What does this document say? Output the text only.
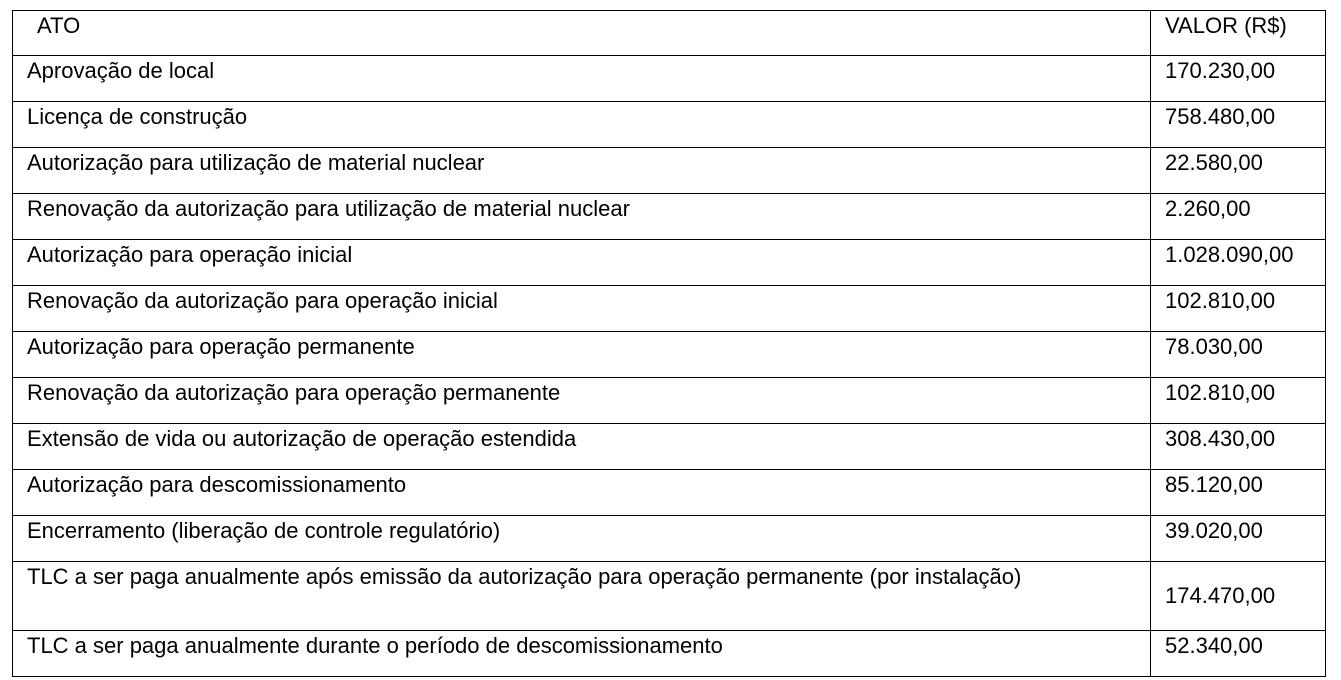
ATO	VALOR (R$)

Aprovação de local	170.230,00

Licença de construção	758.480,00

Autorização para utilização de material nuclear	22.580,00

Renovação da autorização para utilização de material nuclear	2.260,00

Autorização para operação inicial	1.028.090,00

Renovação da autorização para operação inicial	102.810,00

Autorização para operação permanente	78.030,00

Renovação da autorização para operação permanente	102.810,00

Extensão de vida ou autorização de operação estendida	308.430,00

Autorização para descomissionamento	85.120,00

Encerramento (liberação de controle regulatório)	39.020,00

TLC a ser paga anualmente após emissão da autorização para operação permanente (por instalação)	174.470,00

TLC a ser paga anualmente durante o período de descomissionamento	52.340,00
